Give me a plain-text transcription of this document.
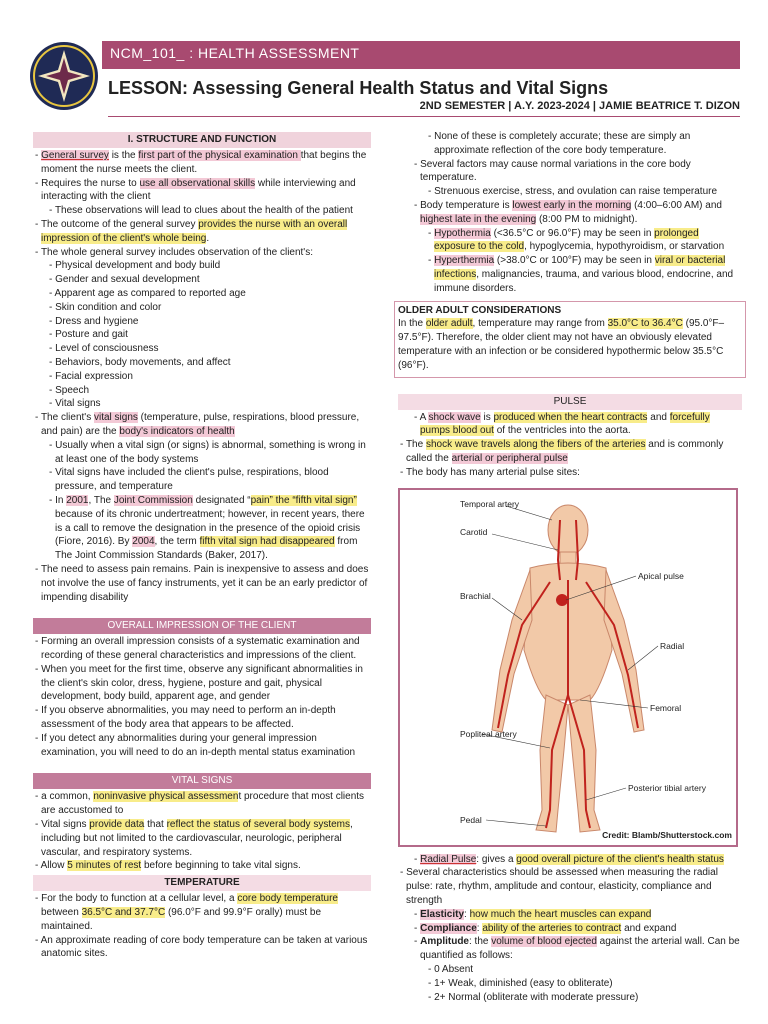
NCM_101_ : HEALTH ASSESSMENT
LESSON: Assessing General Health Status and Vital Signs
2ND SEMESTER | A.Y. 2023-2024 | JAMIE BEATRICE T. DIZON
I. STRUCTURE AND FUNCTION

- General survey is the first part of the physical examination that begins the moment the nurse meets the client.

- Requires the nurse to use all observational skills while interviewing and interacting with the client

- These observations will lead to clues about the health of the patient

- The outcome of the general survey provides the nurse with an overall impression of the client's whole being.

- The whole general survey includes observation of the client's:

- Physical development and body build

- Gender and sexual development

- Apparent age as compared to reported age

- Skin condition and color

- Dress and hygiene

- Posture and gait

- Level of consciousness

- Behaviors, body movements, and affect

- Facial expression

- Speech

- Vital signs

- The client's vital signs (temperature, pulse, respirations, blood pressure, and pain) are the body's indicators of health

- Usually when a vital sign (or signs) is abnormal, something is wrong in at least one of the body systems

- Vital signs have included the client's pulse, respirations, blood pressure, and temperature

- In 2001, The Joint Commission designated “pain” the “fifth vital sign” because of its chronic undertreatment; however, in recent years, there is a call to remove the designation in the presence of the opioid crisis (Fiore, 2016). By 2004, the term fifth vital sign had disappeared from The Joint Commission Standards (Baker, 2017).

- The need to assess pain remains. Pain is inexpensive to assess and does not involve the use of fancy instruments, yet it can be an early predictor of impending disability

OVERALL IMPRESSION OF THE CLIENT

- Forming an overall impression consists of a systematic examination and recording of these general characteristics and impressions of the client.

- When you meet for the first time, observe any significant abnormalities in the client's skin color, dress, hygiene, posture and gait, physical development, body build, apparent age, and gender

- If you observe abnormalities, you may need to perform an in-depth assessment of the body area that appears to be affected.

- If you detect any abnormalities during your general impression examination, you will need to do an in-depth mental status examination

VITAL SIGNS

- a common, noninvasive physical assessment procedure that most clients are accustomed to

- Vital signs provide data that reflect the status of several body systems, including but not limited to the cardiovascular, neurologic, peripheral vascular, and respiratory systems.

- Allow 5 minutes of rest before beginning to take vital signs.

TEMPERATURE

- For the body to function at a cellular level, a core body temperature between 36.5°C and 37.7°C (96.0°F and 99.9°F orally) must be maintained.

- An approximate reading of core body temperature can be taken at various anatomic sites.

- None of these is completely accurate; these are simply an approximate reflection of the core body temperature.

- Several factors may cause normal variations in the core body temperature.

- Strenuous exercise, stress, and ovulation can raise temperature

- Body temperature is lowest early in the morning (4:00–6:00 AM) and highest late in the evening (8:00 PM to midnight).

- Hypothermia (<36.5°C or 96.0°F) may be seen in prolonged exposure to the cold, hypoglycemia, hypothyroidism, or starvation

- Hyperthermia (>38.0°C or 100°F) may be seen in viral or bacterial infections, malignancies, trauma, and various blood, endocrine, and immune disorders.

OLDER ADULT CONSIDERATIONS
In the older adult, temperature may range from 35.0°C to 36.4°C (95.0°F–97.5°F). Therefore, the older client may not have an obviously elevated temperature with an infection or be considered hypothermic below 35.5°C (96°F).
PULSE

- A shock wave is produced when the heart contracts and forcefully pumps blood out of the ventricles into the aorta.

- The shock wave travels along the fibers of the arteries and is commonly called the arterial or peripheral pulse

- The body has many arterial pulse sites:

Temporal artery
Carotid
Brachial
Apical pulse
Radial
Femoral
Popliteal artery
Posterior tibial artery
Pedal
Credit: Blamb/Shutterstock.com

- Radial Pulse: gives a good overall picture of the client's health status

- Several characteristics should be assessed when measuring the radial pulse: rate, rhythm, amplitude and contour, elasticity, compliance and strength

- Elasticity: how much the heart muscles can expand

- Compliance: ability of the arteries to contract and expand

- Amplitude: the volume of blood ejected against the arterial wall. Can be quantified as follows:

- 0 Absent

- 1+ Weak, diminished (easy to obliterate)

- 2+ Normal (obliterate with moderate pressure)
